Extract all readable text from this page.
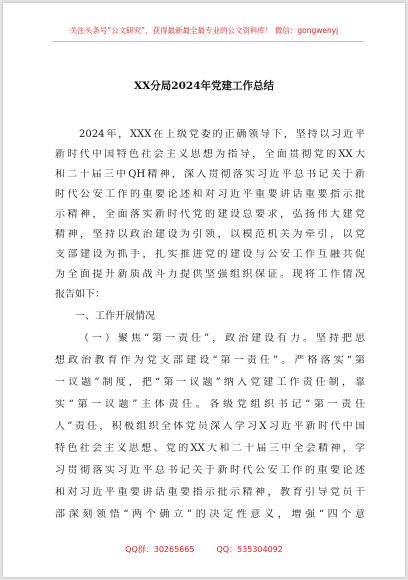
关注头条号“公文研究”，获得最新最全最专业的公文资料库！ 微信：gongwenyj
XX分局2024年党建工作总结
2024年，XXX在上级党委的正确领导下，坚持以习近平
新时代中国特色社会主义思想为指导，全面贯彻党的XX大
和二十届三中QH精神，深入贯彻落实习近平总书记关于新
时代公安工作的重要论述和对习近平重要讲话重要指示批
示精神，全面落实新时代党的建设总要求，弘扬伟大建党
精神，坚持以政治建设为引领，以模范机关为牵引，以党
支部建设为抓手，扎实推进党的建设与公安工作互融共促
为全面提升新质战斗力提供坚强组织保证。现将工作情况
报告如下：
一、工作开展情况
（一）聚焦“第一责任”，政治建设有力。坚持把思
想政治教育作为党支部建设“第一责任”。严格落实“第
一议题”制度，把“第一议题”纳入党建工作责任制，靠
实“第一议题”主体责任。各级党组织书记“第一责任
人”责任，积极组织全体党员深入学习X习近平新时代中国
特色社会主义思想、党的XX大和二十届三中全会精神，学
习贯彻落实习近平总书记关于新时代公安工作的重要论述
和对习近平重要讲话重要指示批示精神，教育引导党员干
部深刻领悟“两个确立”的决定性意义，增强“四个意
QQ群：30265665	QQ：535304092
